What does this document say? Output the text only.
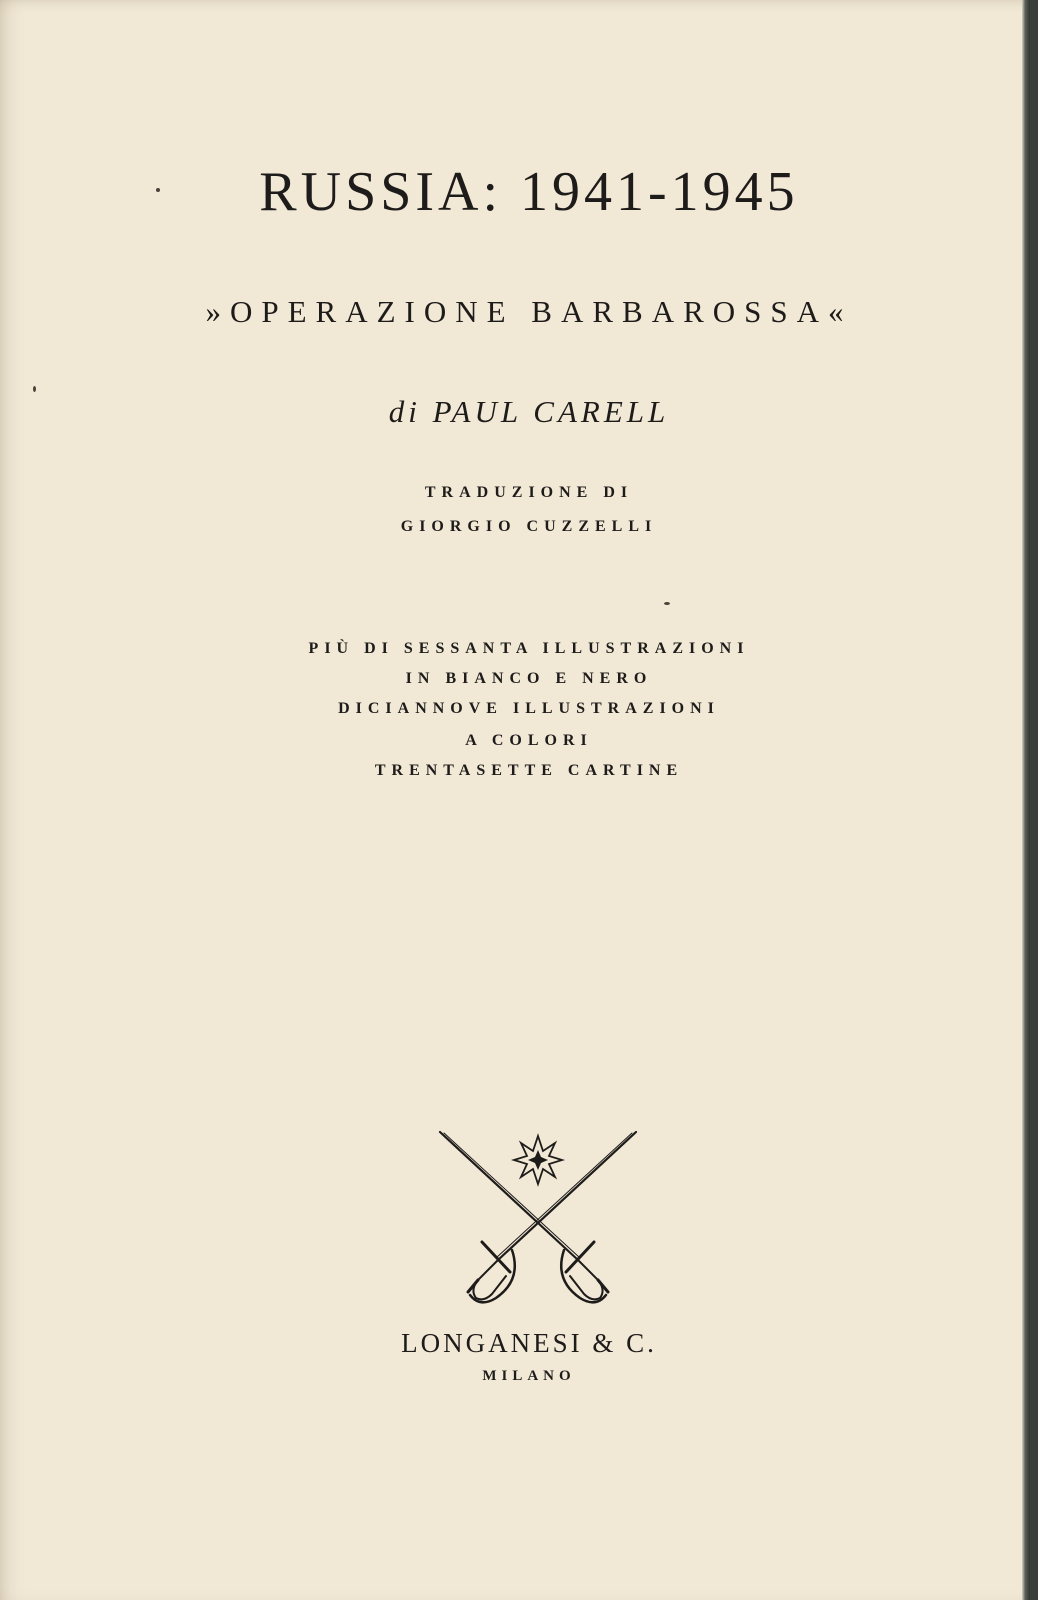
RUSSIA: 1941-1945
»OPERAZIONE BARBAROSSA«
di PAUL CARELL
TRADUZIONE DI
GIORGIO CUZZELLI
PIÙ DI SESSANTA ILLUSTRAZIONI
IN BIANCO E NERO
DICIANNOVE ILLUSTRAZIONI
A COLORI
TRENTASETTE CARTINE
LONGANESI & C.
MILANO
